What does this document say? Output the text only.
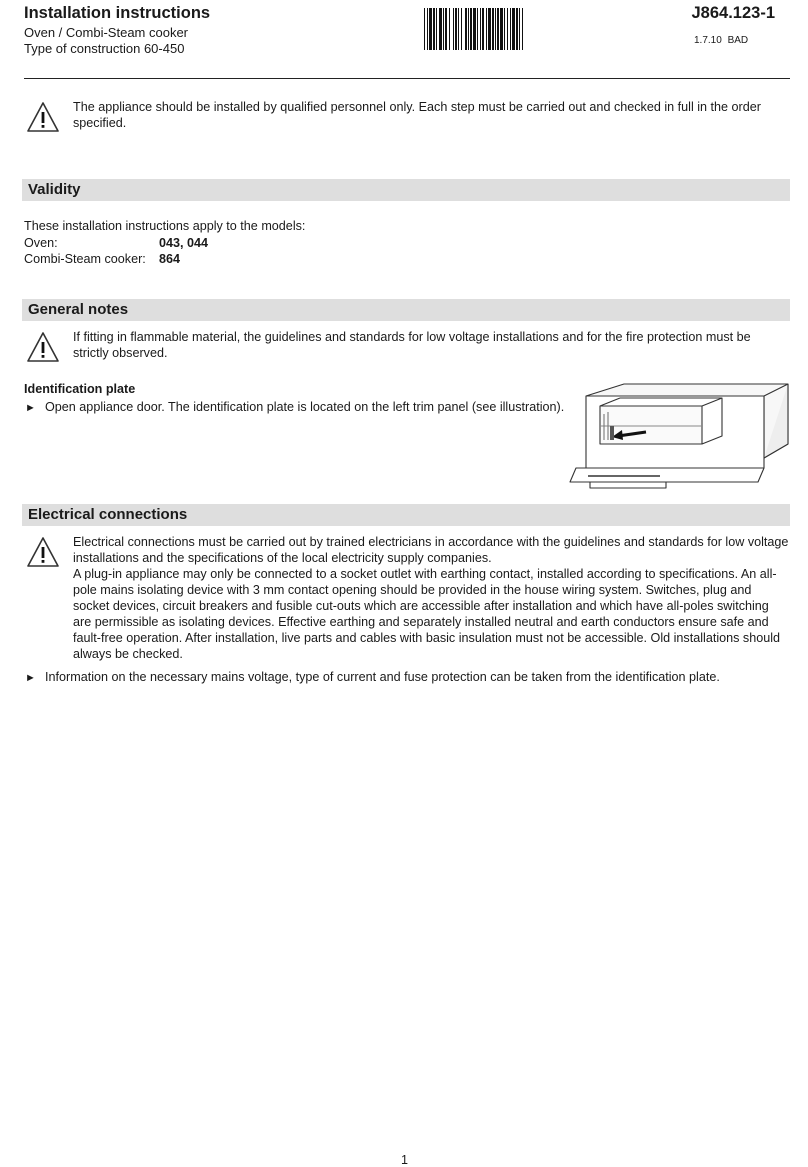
Installation instructions
Oven / Combi-Steam cooker
Type of construction 60-450
J864.123-1
1.7.10 BAD
The appliance should be installed by qualified personnel only. Each step must be carried out and checked in full in the order specified.
Validity
These installation instructions apply to the models:
Oven:	043, 044
Combi-Steam cooker: 864
General notes
If fitting in flammable material, the guidelines and standards for low voltage installations and for the fire protection must be strictly observed.
Identification plate
► Open appliance door. The identification plate is located on the left trim panel (see illustration).
Electrical connections
Electrical connections must be carried out by trained electricians in accordance with the guidelines and standards for low voltage installations and the specifications of the local electricity supply companies.
A plug-in appliance may only be connected to a socket outlet with earthing contact, installed according to specifications. An all-pole mains isolating device with 3 mm contact opening should be provided in the house wiring system. Switches, plug and socket devices, circuit breakers and fusible cut-outs which are accessible after installation and which have all-poles switching are permissible as isolating devices. Effective earthing and separately installed neutral and earth conductors ensure safe and fault-free operation. After installation, live parts and cables with basic insulation must not be accessible. Old installations should always be checked.
► Information on the necessary mains voltage, type of current and fuse protection can be taken from the identification plate.
1
